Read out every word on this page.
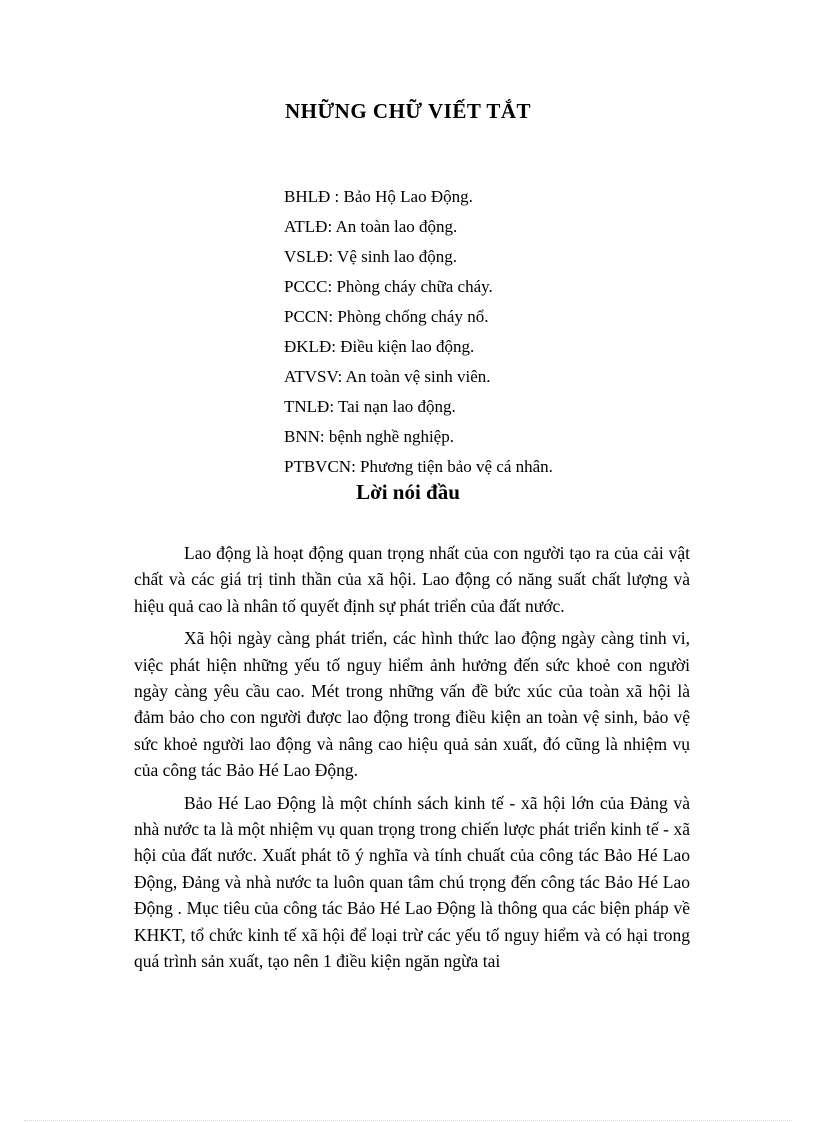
NHỮNG CHỮ VIẾT TẮT
BHLĐ : Bảo Hộ Lao Động.
ATLĐ: An toàn lao động.
VSLĐ: Vệ sinh lao động.
PCCC: Phòng cháy chữa cháy.
PCCN: Phòng chống cháy nổ.
ĐKLĐ: Điều kiện lao động.
ATVSV: An toàn vệ sinh viên.
TNLĐ: Tai nạn lao động.
BNN: bệnh nghề nghiệp.
PTBVCN: Phương tiện bảo vệ cá nhân.
Lời nói đầu

Lao động là hoạt động quan trọng nhất của con người tạo ra của cải vật chất và các giá trị tinh thần của xã hội. Lao động có năng suất chất lượng và hiệu quả cao là nhân tố quyết định sự phát triển của đất nước.

Xã hội ngày càng phát triển, các hình thức lao động ngày càng tinh vi, việc phát hiện những yếu tố nguy hiểm ảnh hưởng đến sức khoẻ con người ngày càng yêu cầu cao. Mét trong những vấn đề bức xúc của toàn xã hội là đảm bảo cho con người được lao động trong điều kiện an toàn vệ sinh, bảo vệ sức khoẻ người lao động và nâng cao hiệu quả sản xuất, đó cũng là nhiệm vụ của công tác Bảo Hé Lao Động.

Bảo Hé Lao Động là một chính sách kinh tế - xã hội lớn của Đảng và nhà nước ta là một nhiệm vụ quan trọng trong chiến lược phát triển kinh tế - xã hội của đất nước. Xuất phát tõ ý nghĩa và tính chuất của công tác Bảo Hé Lao Động, Đảng và nhà nước ta luôn quan tâm chú trọng đến công tác Bảo Hé Lao Động . Mục tiêu của công tác Bảo Hé Lao Động là thông qua các biện pháp về KHKT, tổ chức kinh tế xã hội để loại trừ các yếu tố nguy hiểm và có hại trong quá trình sản xuất, tạo nên 1 điều kiện ngăn ngừa tai
